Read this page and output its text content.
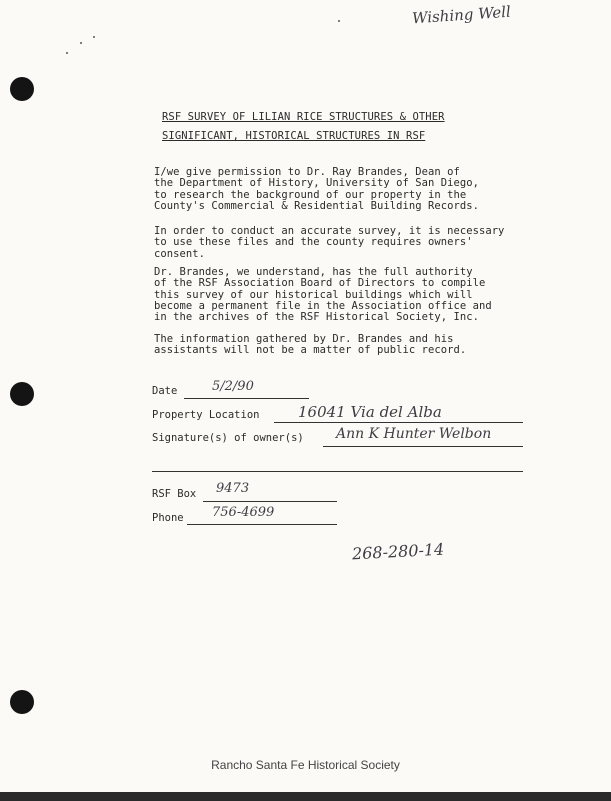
Wishing Well
RSF SURVEY OF LILIAN RICE STRUCTURES & OTHER
SIGNIFICANT, HISTORICAL STRUCTURES IN RSF

I/we give permission to Dr. Ray Brandes, Dean of
the Department of History, University of San Diego,
to research the background of our property in the
County's Commercial & Residential Building Records.

In order to conduct an accurate survey, it is necessary
to use these files and the county requires owners'
consent.

Dr. Brandes, we understand, has the full authority
of the RSF Association Board of Directors to compile
this survey of our historical buildings which will
become a permanent file in the Association office and
in the archives of the RSF Historical Society, Inc.

The information gathered by Dr. Brandes and his
assistants will not be a matter of public record.

Date	5/2/90
Property Location	16041 Via del Alba
Signature(s) of owner(s) Ann K Hunter Welbon
RSF Box 9473
Phone 756-4699
268-280-14
Rancho Santa Fe Historical Society
